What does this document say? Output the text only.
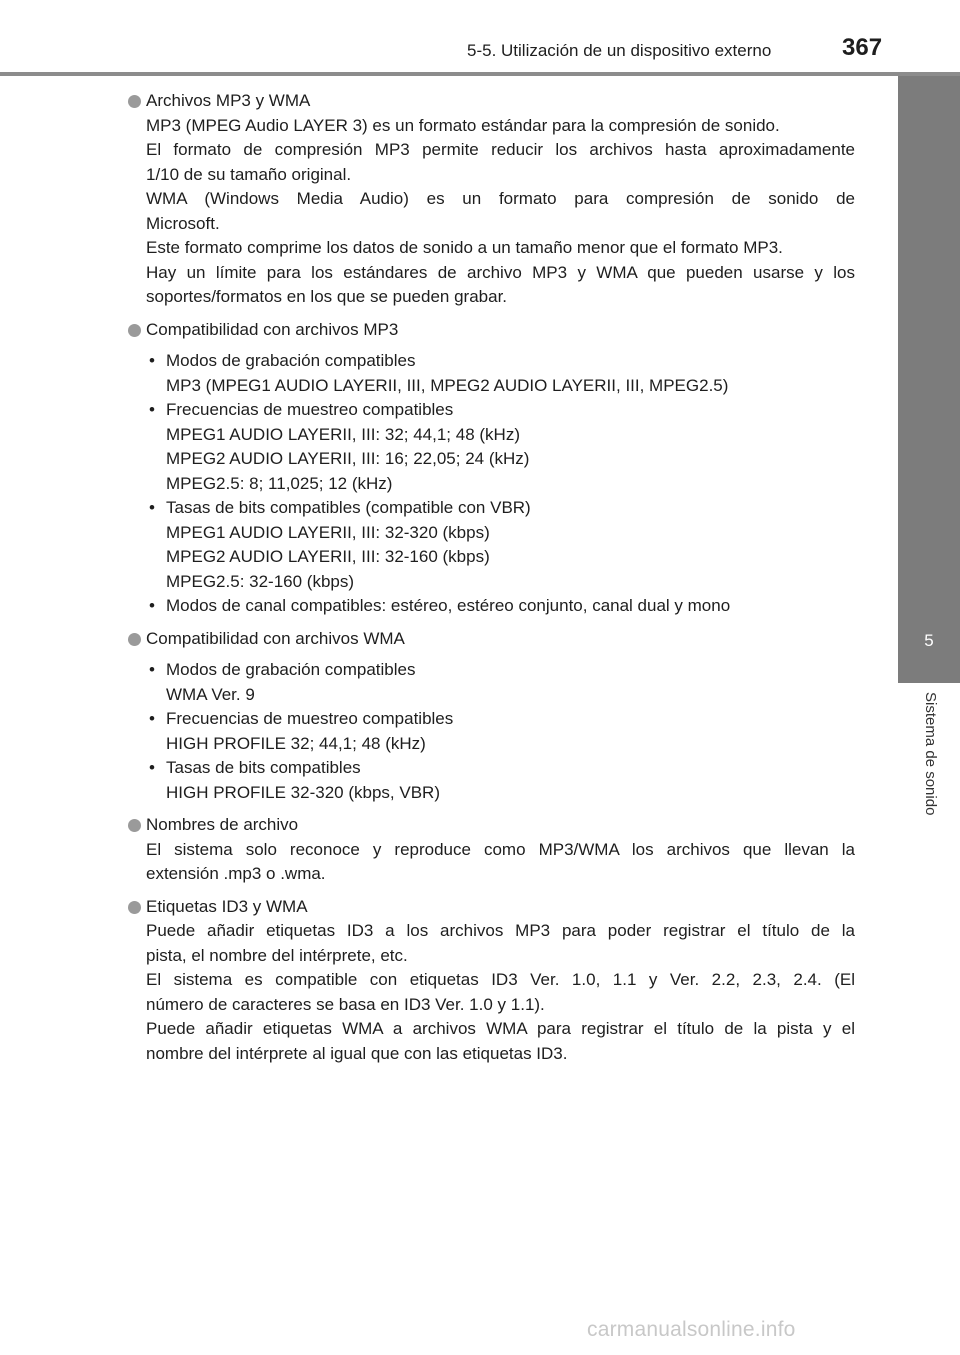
5-5. Utilización de un dispositivo externo	367
5
Sistema de sonido
Archivos MP3 y WMA
MP3 (MPEG Audio LAYER 3) es un formato estándar para la compresión de sonido.
El formato de compresión MP3 permite reducir los archivos hasta aproximadamente
1/10 de su tamaño original.
WMA (Windows Media Audio) es un formato para compresión de sonido de
Microsoft.
Este formato comprime los datos de sonido a un tamaño menor que el formato MP3.
Hay un límite para los estándares de archivo MP3 y WMA que pueden usarse y los
soportes/formatos en los que se pueden grabar.
Compatibilidad con archivos MP3
• Modos de grabación compatibles
MP3 (MPEG1 AUDIO LAYERII, III, MPEG2 AUDIO LAYERII, III, MPEG2.5)
• Frecuencias de muestreo compatibles
MPEG1 AUDIO LAYERII, III: 32; 44,1; 48 (kHz)
MPEG2 AUDIO LAYERII, III: 16; 22,05; 24 (kHz)
MPEG2.5: 8; 11,025; 12 (kHz)
• Tasas de bits compatibles (compatible con VBR)
MPEG1 AUDIO LAYERII, III: 32-320 (kbps)
MPEG2 AUDIO LAYERII, III: 32-160 (kbps)
MPEG2.5: 32-160 (kbps)
• Modos de canal compatibles: estéreo, estéreo conjunto, canal dual y mono
Compatibilidad con archivos WMA
• Modos de grabación compatibles
WMA Ver. 9
• Frecuencias de muestreo compatibles
HIGH PROFILE 32; 44,1; 48 (kHz)
• Tasas de bits compatibles
HIGH PROFILE 32-320 (kbps, VBR)
Nombres de archivo
El sistema solo reconoce y reproduce como MP3/WMA los archivos que llevan la
extensión .mp3 o .wma.
Etiquetas ID3 y WMA
Puede añadir etiquetas ID3 a los archivos MP3 para poder registrar el título de la
pista, el nombre del intérprete, etc.
El sistema es compatible con etiquetas ID3 Ver. 1.0, 1.1 y Ver. 2.2, 2.3, 2.4. (El
número de caracteres se basa en ID3 Ver. 1.0 y 1.1).
Puede añadir etiquetas WMA a archivos WMA para registrar el título de la pista y el
nombre del intérprete al igual que con las etiquetas ID3.
carmanualsonline.info
